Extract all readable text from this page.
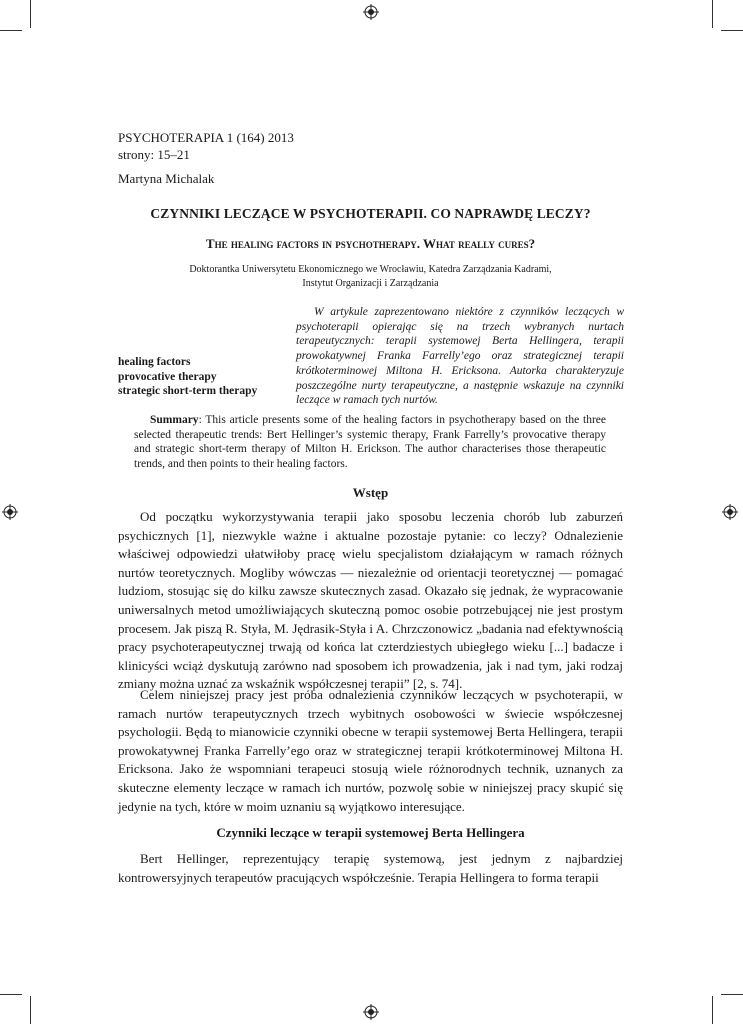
PSYCHOTERAPIA 1 (164) 2013
strony: 15–21
Martyna Michalak
CZYNNIKI LECZĄCE W PSYCHOTERAPII. CO NAPRAWDĘ LECZY?
The healing factors in psychotherapy. What really cures?
Doktorantka Uniwersytetu Ekonomicznego we Wrocławiu, Katedra Zarządzania Kadrami,
Instytut Organizacji i Zarządzania
W artykule zaprezentowano niektóre z czynników leczących w psychoterapii opierając się na trzech wybranych nurtach terapeutycznych: terapii systemowej Berta Hellingera, terapii prowokatywnej Franka Farrelly’ego oraz strategicznej terapii krótkoterminowej Miltona H. Ericksona. Autorka charakteryzuje poszczególne nurty terapeutyczne, a następnie wskazuje na czynniki leczące w ramach tych nurtów.
healing factors
provocative therapy
strategic short-term therapy
Summary: This article presents some of the healing factors in psychotherapy based on the three selected therapeutic trends: Bert Hellinger’s systemic therapy, Frank Farrelly’s provocative therapy and strategic short-term therapy of Milton H. Erickson. The author characterises those therapeutic trends, and then points to their healing factors.
Wstęp
Od początku wykorzystywania terapii jako sposobu leczenia chorób lub zaburzeń psychicznych [1], niezwykle ważne i aktualne pozostaje pytanie: co leczy? Odnalezienie właściwej odpowiedzi ułatwiłoby pracę wielu specjalistom działającym w ramach różnych nurtów teoretycznych. Mogliby wówczas — niezależnie od orientacji teoretycznej — pomagać ludziom, stosując się do kilku zawsze skutecznych zasad. Okazało się jednak, że wypracowanie uniwersalnych metod umożliwiających skuteczną pomoc osobie potrzebującej nie jest prostym procesem. Jak piszą R. Styła, M. Jędrasik-Styła i A. Chrzczonowicz „badania nad efektywnością pracy psychoterapeutycznej trwają od końca lat czterdziestych ubiegłego wieku [...] badacze i klinicyści wciąż dyskutują zarówno nad sposobem ich prowadzenia, jak i nad tym, jaki rodzaj zmiany można uznać za wskaźnik współczesnej terapii” [2, s. 74].
Celem niniejszej pracy jest próba odnalezienia czynników leczących w psychoterapii, w ramach nurtów terapeutycznych trzech wybitnych osobowości w świecie współczesnej psychologii. Będą to mianowicie czynniki obecne w terapii systemowej Berta Hellingera, terapii prowokatywnej Franka Farrelly’ego oraz w strategicznej terapii krótkoterminowej Miltona H. Ericksona. Jako że wspomniani terapeuci stosują wiele różnorodnych technik, uznanych za skuteczne elementy leczące w ramach ich nurtów, pozwolę sobie w niniejszej pracy skupić się jedynie na tych, które w moim uznaniu są wyjątkowo interesujące.
Czynniki leczące w terapii systemowej Berta Hellingera
Bert Hellinger, reprezentujący terapię systemową, jest jednym z najbardziej kontrowersyjnych terapeutów pracujących współcześnie. Terapia Hellingera to forma terapii
